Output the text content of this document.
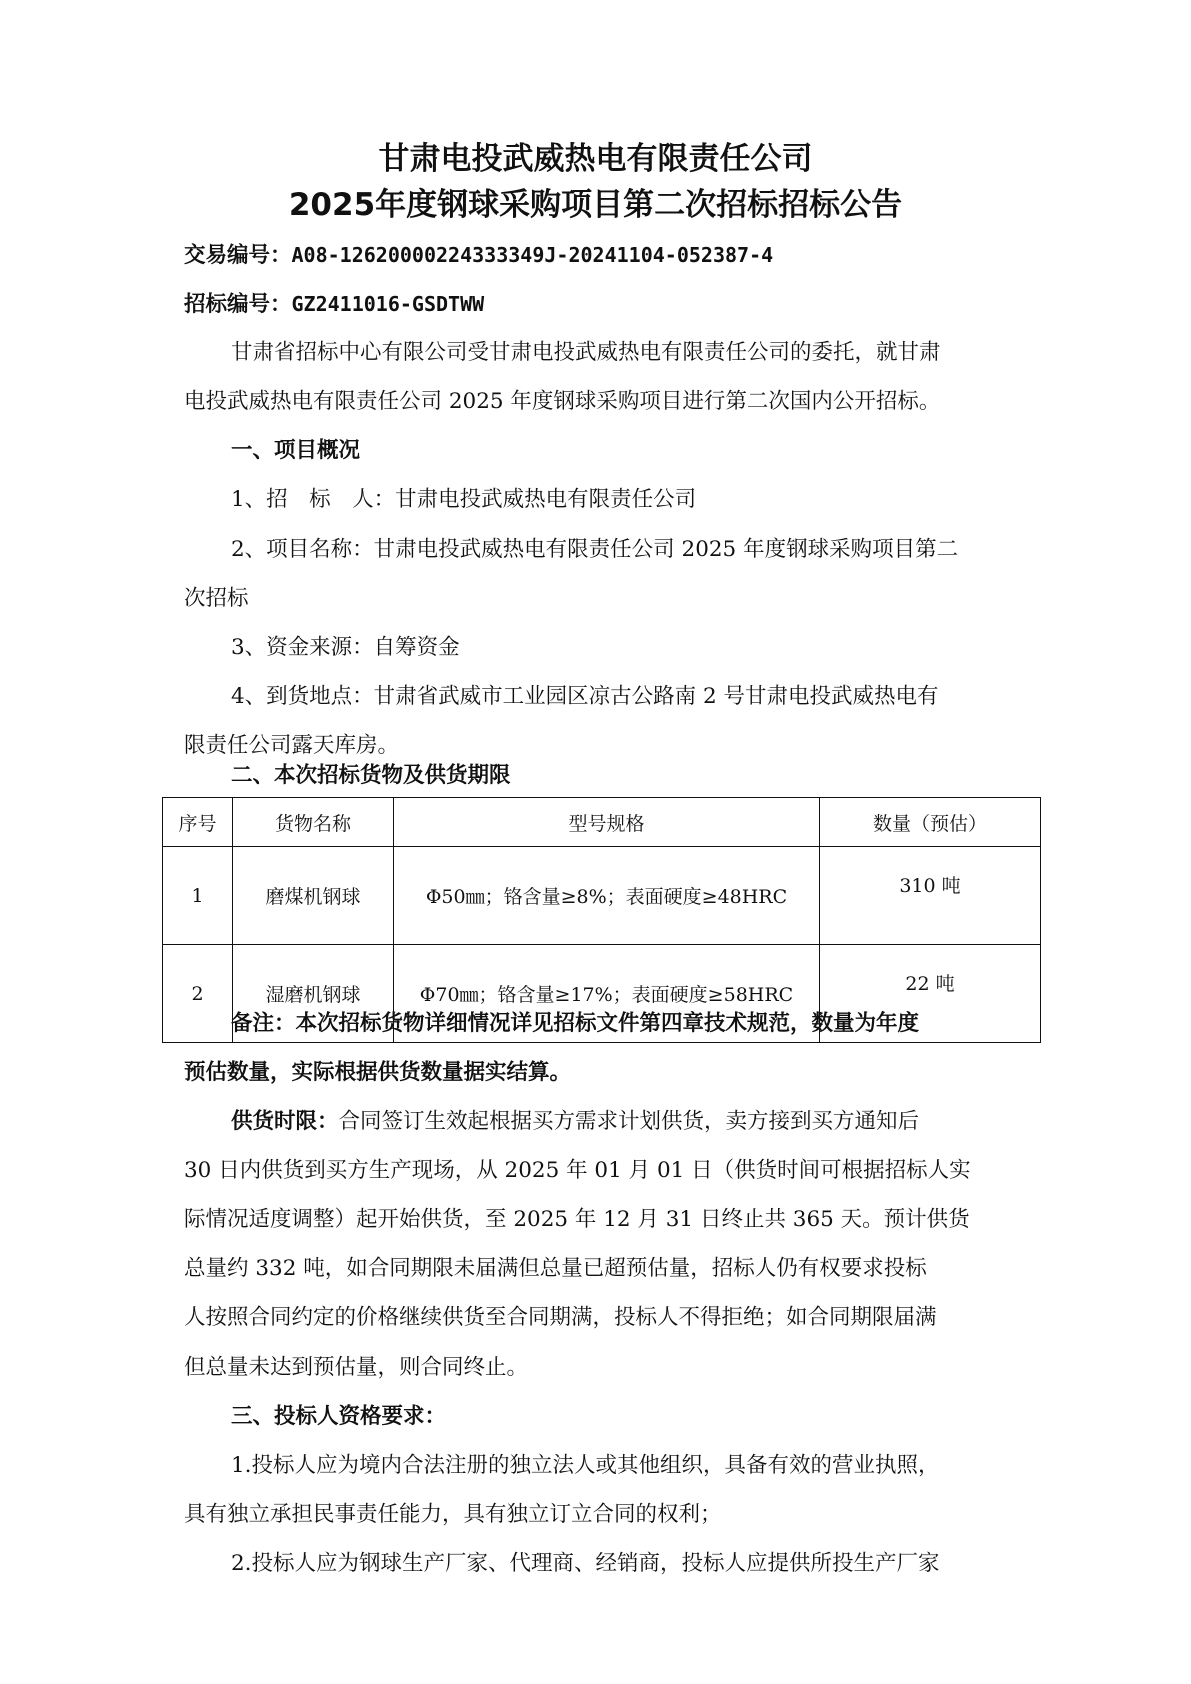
甘肃电投武威热电有限责任公司
2025年度钢球采购项目第二次招标招标公告
交易编号：A08-12620000224333349J-20241104-052387-4
招标编号：GZ2411016-GSDTWW
甘肃省招标中心有限公司受甘肃电投武威热电有限责任公司的委托，就甘肃
电投武威热电有限责任公司 2025 年度钢球采购项目进行第二次国内公开招标。
一、项目概况
1、招　标　人：甘肃电投武威热电有限责任公司
2、项目名称：甘肃电投武威热电有限责任公司 2025 年度钢球采购项目第二
次招标
3、资金来源：自筹资金
4、到货地点：甘肃省武威市工业园区凉古公路南 2 号甘肃电投武威热电有
限责任公司露天库房。
二、本次招标货物及供货期限
序号	货物名称	型号规格	数量（预估）
1	磨煤机钢球	Φ50㎜；铬含量≥8%；表面硬度≥48HRC	310 吨
2	湿磨机钢球	Φ70㎜；铬含量≥17%；表面硬度≥58HRC	22 吨
备注：本次招标货物详细情况详见招标文件第四章技术规范，数量为年度
预估数量，实际根据供货数量据实结算。
供货时限：合同签订生效起根据买方需求计划供货，卖方接到买方通知后
30 日内供货到买方生产现场，从 2025 年 01 月 01 日（供货时间可根据招标人实
际情况适度调整）起开始供货，至 2025 年 12 月 31 日终止共 365 天。预计供货
总量约 332 吨，如合同期限未届满但总量已超预估量，招标人仍有权要求投标
人按照合同约定的价格继续供货至合同期满，投标人不得拒绝；如合同期限届满
但总量未达到预估量，则合同终止。
三、投标人资格要求：
1.投标人应为境内合法注册的独立法人或其他组织，具备有效的营业执照，
具有独立承担民事责任能力，具有独立订立合同的权利；
2.投标人应为钢球生产厂家、代理商、经销商，投标人应提供所投生产厂家
